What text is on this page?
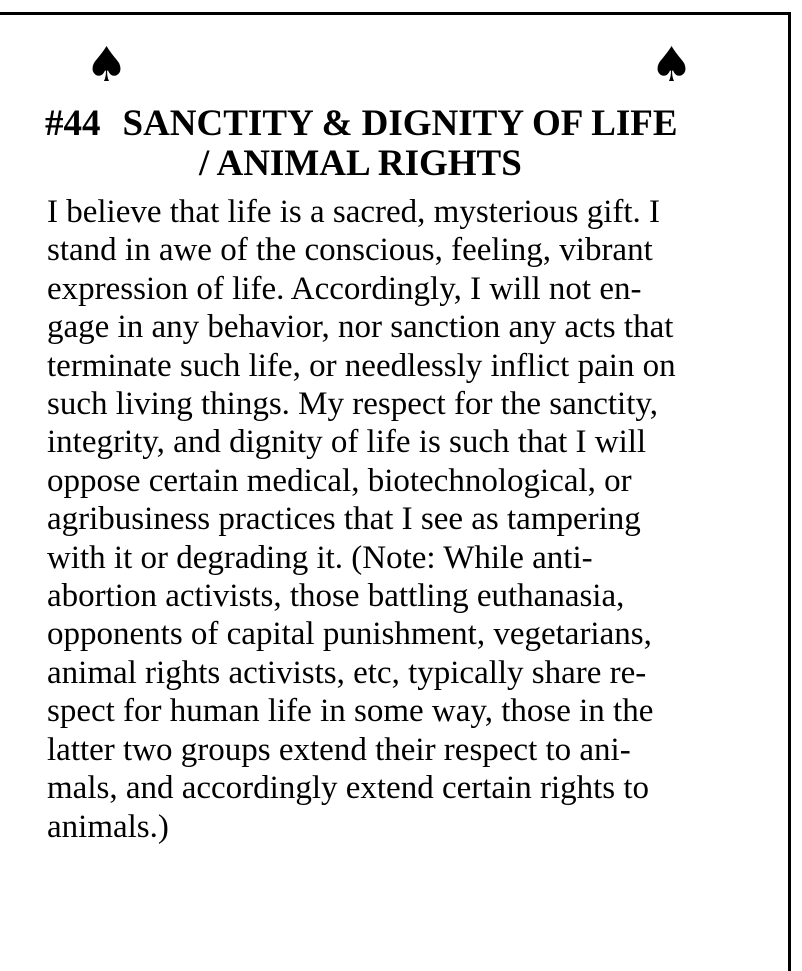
♠	♠
#44 SANCTITY & DIGNITY OF LIFE
/ ANIMAL RIGHTS
I believe that life is a sacred, mysterious gift. I
stand in awe of the conscious, feeling, vibrant
expression of life. Accordingly, I will not en-
gage in any behavior, nor sanction any acts that
terminate such life, or needlessly inflict pain on
such living things. My respect for the sanctity,
integrity, and dignity of life is such that I will
oppose certain medical, biotechnological, or
agribusiness practices that I see as tampering
with it or degrading it. (Note: While anti-
abortion activists, those battling euthanasia,
opponents of capital punishment, vegetarians,
animal rights activists, etc, typically share re-
spect for human life in some way, those in the
latter two groups extend their respect to ani-
mals, and accordingly extend certain rights to
animals.)
